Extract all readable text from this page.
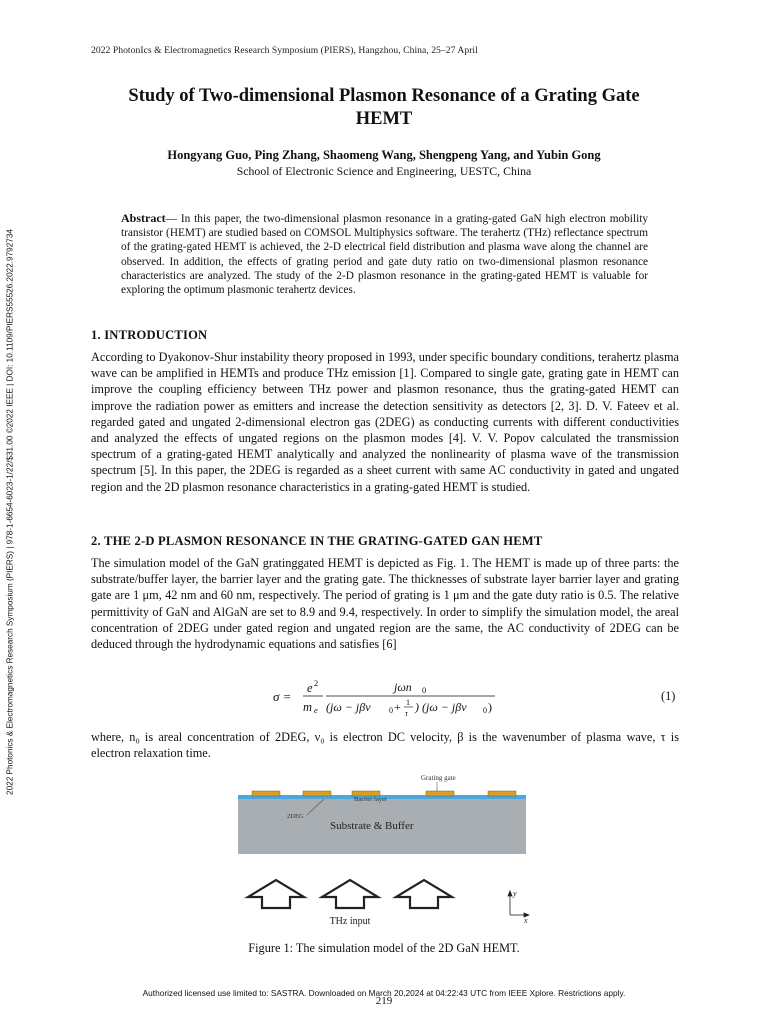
2022 PhotonIcs & Electromagnetics Research Symposium (PIERS), Hangzhou, China, 25–27 April
2022 Photonics & Electromagnetics Research Symposium (PIERS) | 978-1-6654-6023-1/22/$31.00 ©2022 IEEE | DOI: 10.1109/PIERS55526.2022.9792734
Study of Two-dimensional Plasmon Resonance of a Grating Gate
HEMT
Hongyang Guo, Ping Zhang, Shaomeng Wang, Shengpeng Yang, and Yubin Gong
School of Electronic Science and Engineering, UESTC, China
Abstract— In this paper, the two-dimensional plasmon resonance in a grating-gated GaN high electron mobility transistor (HEMT) are studied based on COMSOL Multiphysics software. The terahertz (THz) reflectance spectrum of the grating-gated HEMT is achieved, the 2-D electrical field distribution and plasma wave along the channel are observed. In addition, the effects of grating period and gate duty ratio on two-dimensional plasmon resonance characteristics are analyzed. The study of the 2-D plasmon resonance in the grating-gated HEMT is valuable for exploring the optimum plasmonic terahertz devices.
1. INTRODUCTION
According to Dyakonov-Shur instability theory proposed in 1993, under specific boundary conditions, terahertz plasma wave can be amplified in HEMTs and produce THz emission [1]. Compared to single gate, grating gate in HEMT can improve the coupling efficiency between THz power and plasmon resonance, thus the grating-gated HEMT can improve the radiation power as emitters and increase the detection sensitivity as detectors [2, 3]. D. V. Fateev et al. regarded gated and ungated 2-dimensional electron gas (2DEG) as conducting currents with different conductivities and analyzed the effects of ungated regions on the plasmon modes [4]. V. V. Popov calculated the transmission spectrum of a grating-gated HEMT analytically and analyzed the nonlinearity of plasma wave of the transmission spectrum [5]. In this paper, the 2DEG is regarded as a sheet current with same AC conductivity in gated and ungated region and the 2D plasmon resonance characteristics in a grating-gated HEMT is studied.
2. THE 2-D PLASMON RESONANCE IN THE GRATING-GATED GAN HEMT
The simulation model of the GaN gratinggated HEMT is depicted as Fig. 1. The HEMT is made up of three parts: the substrate/buffer layer, the barrier layer and the grating gate. The thicknesses of substrate layer barrier layer and grating gate are 1 μm, 42 nm and 60 nm, respectively. The period of grating is 1 μm and the gate duty ratio is 0.5. The relative permittivity of GaN and AlGaN are set to 8.9 and 9.4, respectively. In order to simplify the simulation model, the areal concentration of 2DEG under gated region and ungated region are the same, the AC conductivity of 2DEG can be deduced through the hydrodynamic equations and satisfies [6]
σ =
e 2
m e
jωn 0
(jω − jβv 0 + 1
τ ) (jω − jβv 0 )
(1)
where, n₀ is areal concentration of 2DEG, ν₀ is electron DC velocity, β is the wavenumber of plasma wave, τ is electron relaxation time.
Grating gate
Barrier layer
2DEG
Substrate & Buffer
THz input
y
x
Figure 1: The simulation model of the 2D GaN HEMT.
Authorized licensed use limited to: SASTRA. Downloaded on March 20,2024 at 04:22:43 UTC from IEEE Xplore. Restrictions apply.
219
